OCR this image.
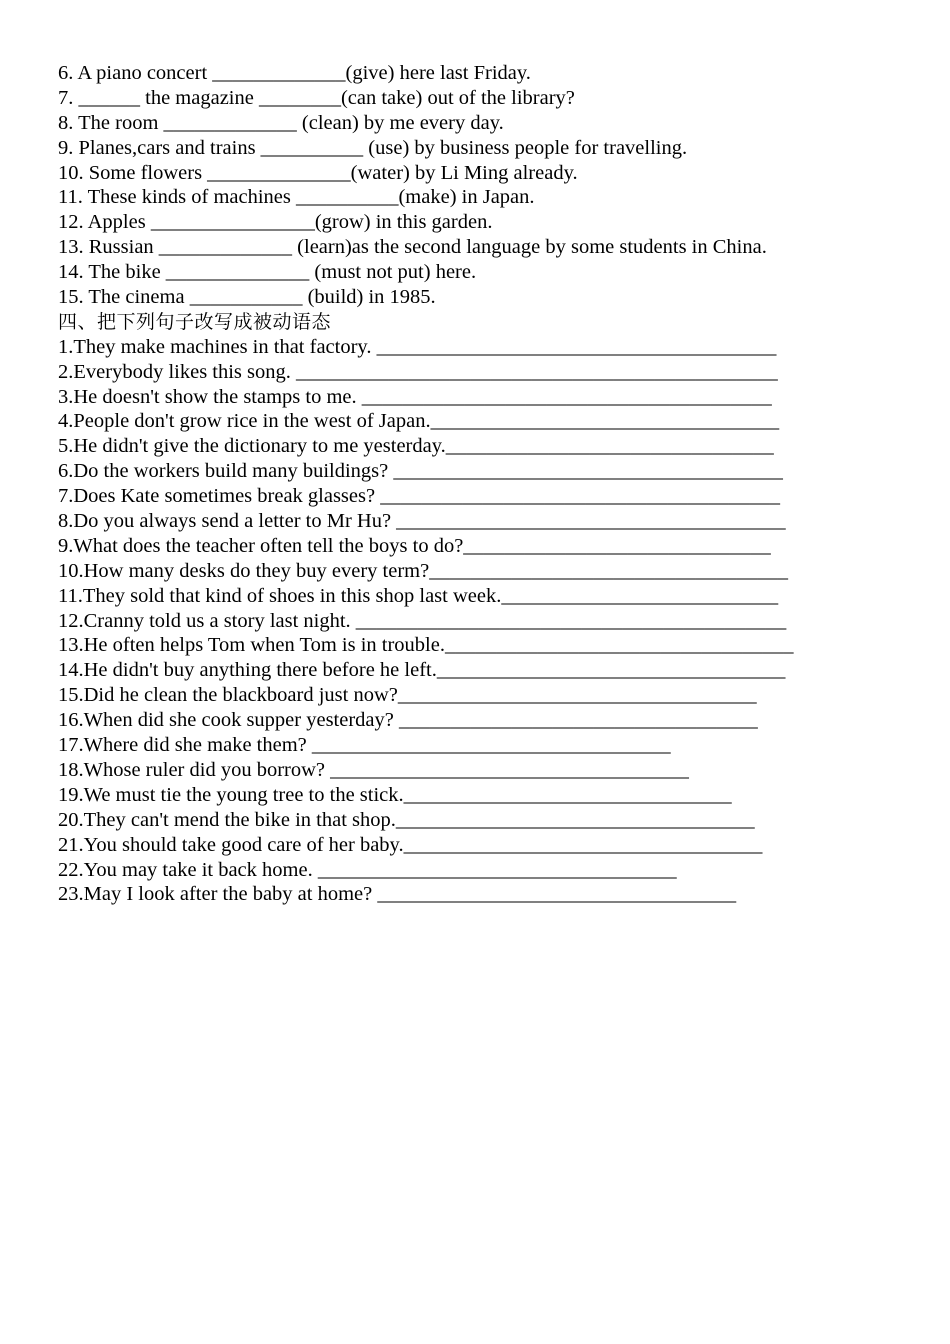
6. A piano concert _____________(give) here last Friday.
7. ______ the magazine ________(can take) out of the library?
8. The room _____________ (clean) by me every day.
9. Planes,cars and trains __________ (use) by business people for travelling.
10. Some flowers ______________(water) by Li Ming already.
11. These kinds of machines __________(make) in Japan.
12. Apples ________________(grow) in this garden.
13. Russian _____________ (learn)as the second language by some students in China.
14. The bike ______________ (must not put) here.
15. The cinema ___________ (build) in 1985.
四、把下列句子改写成被动语态
1.They make machines in that factory. _______________________________________
2.Everybody likes this song. _______________________________________________
3.He doesn't show the stamps to me. ________________________________________
4.People don't grow rice in the west of Japan.__________________________________
5.He didn't give the dictionary to me yesterday.________________________________
6.Do the workers build many buildings? ______________________________________
7.Does Kate sometimes break glasses? _______________________________________
8.Do you always send a letter to Mr Hu? ______________________________________
9.What does the teacher often tell the boys to do?______________________________
10.How many desks do they buy every term?___________________________________
11.They sold that kind of shoes in this shop last week.___________________________
12.Cranny told us a story last night. __________________________________________
13.He often helps Tom when Tom is in trouble.__________________________________
14.He didn't buy anything there before he left.__________________________________
15.Did he clean the blackboard just now?___________________________________
16.When did she cook supper yesterday? ___________________________________
17.Where did she make them? ___________________________________
18.Whose ruler did you borrow? ___________________________________
19.We must tie the young tree to the stick.________________________________
20.They can't mend the bike in that shop.___________________________________
21.You should take good care of her baby.___________________________________
22.You may take it back home. ___________________________________
23.May I look after the baby at home? ___________________________________
